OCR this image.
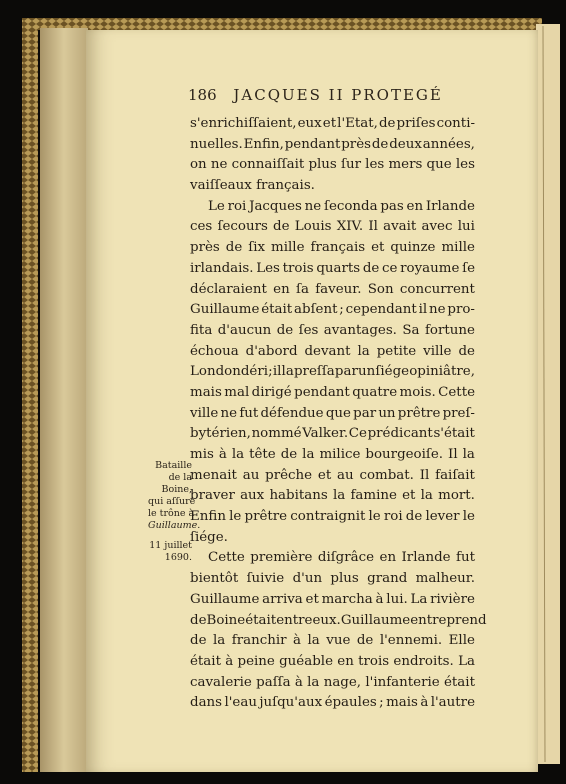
186 JACQUES II PROTEGÉ
Bataille
de la
Boine,
qui aſſure
le trône à
Guillaume.
11 juillet
1690.
s'enrichiſſaient, eux et l'Etat, de priſes conti-
nuelles. Enfin, pendant près de deux années,
on ne connaiſſait plus ſur les mers que les
vaiſſeaux français.
Le roi Jacques ne ſeconda pas en Irlande
ces ſecours de Louis XIV. Il avait avec lui
près de ſix mille français et quinze mille
irlandais. Les trois quarts de ce royaume ſe
déclaraient en ſa faveur. Son concurrent
Guillaume était abſent ; cependant il ne pro-
fita d'aucun de ſes avantages. Sa fortune
échoua d'abord devant la petite ville de
Londondéri ; il la preſſa par un ſiége opiniâtre,
mais mal dirigé pendant quatre mois. Cette
ville ne fut défendue que par un prêtre preſ-
bytérien, nommé Valker. Ce prédicant s'était
mis à la tête de la milice bourgeoiſe. Il la
menait au prêche et au combat. Il faiſait
braver aux habitans la famine et la mort.
Enfin le prêtre contraignit le roi de lever le
ſiége.
Cette première diſgrâce en Irlande fut
bientôt ſuivie d'un plus grand malheur.
Guillaume arriva et marcha à lui. La rivière
de Boine était entre eux. Guillaume entreprend
de la franchir à la vue de l'ennemi. Elle
était à peine guéable en trois endroits. La
cavalerie paſſa à la nage, l'infanterie était
dans l'eau juſqu'aux épaules ; mais à l'autre
